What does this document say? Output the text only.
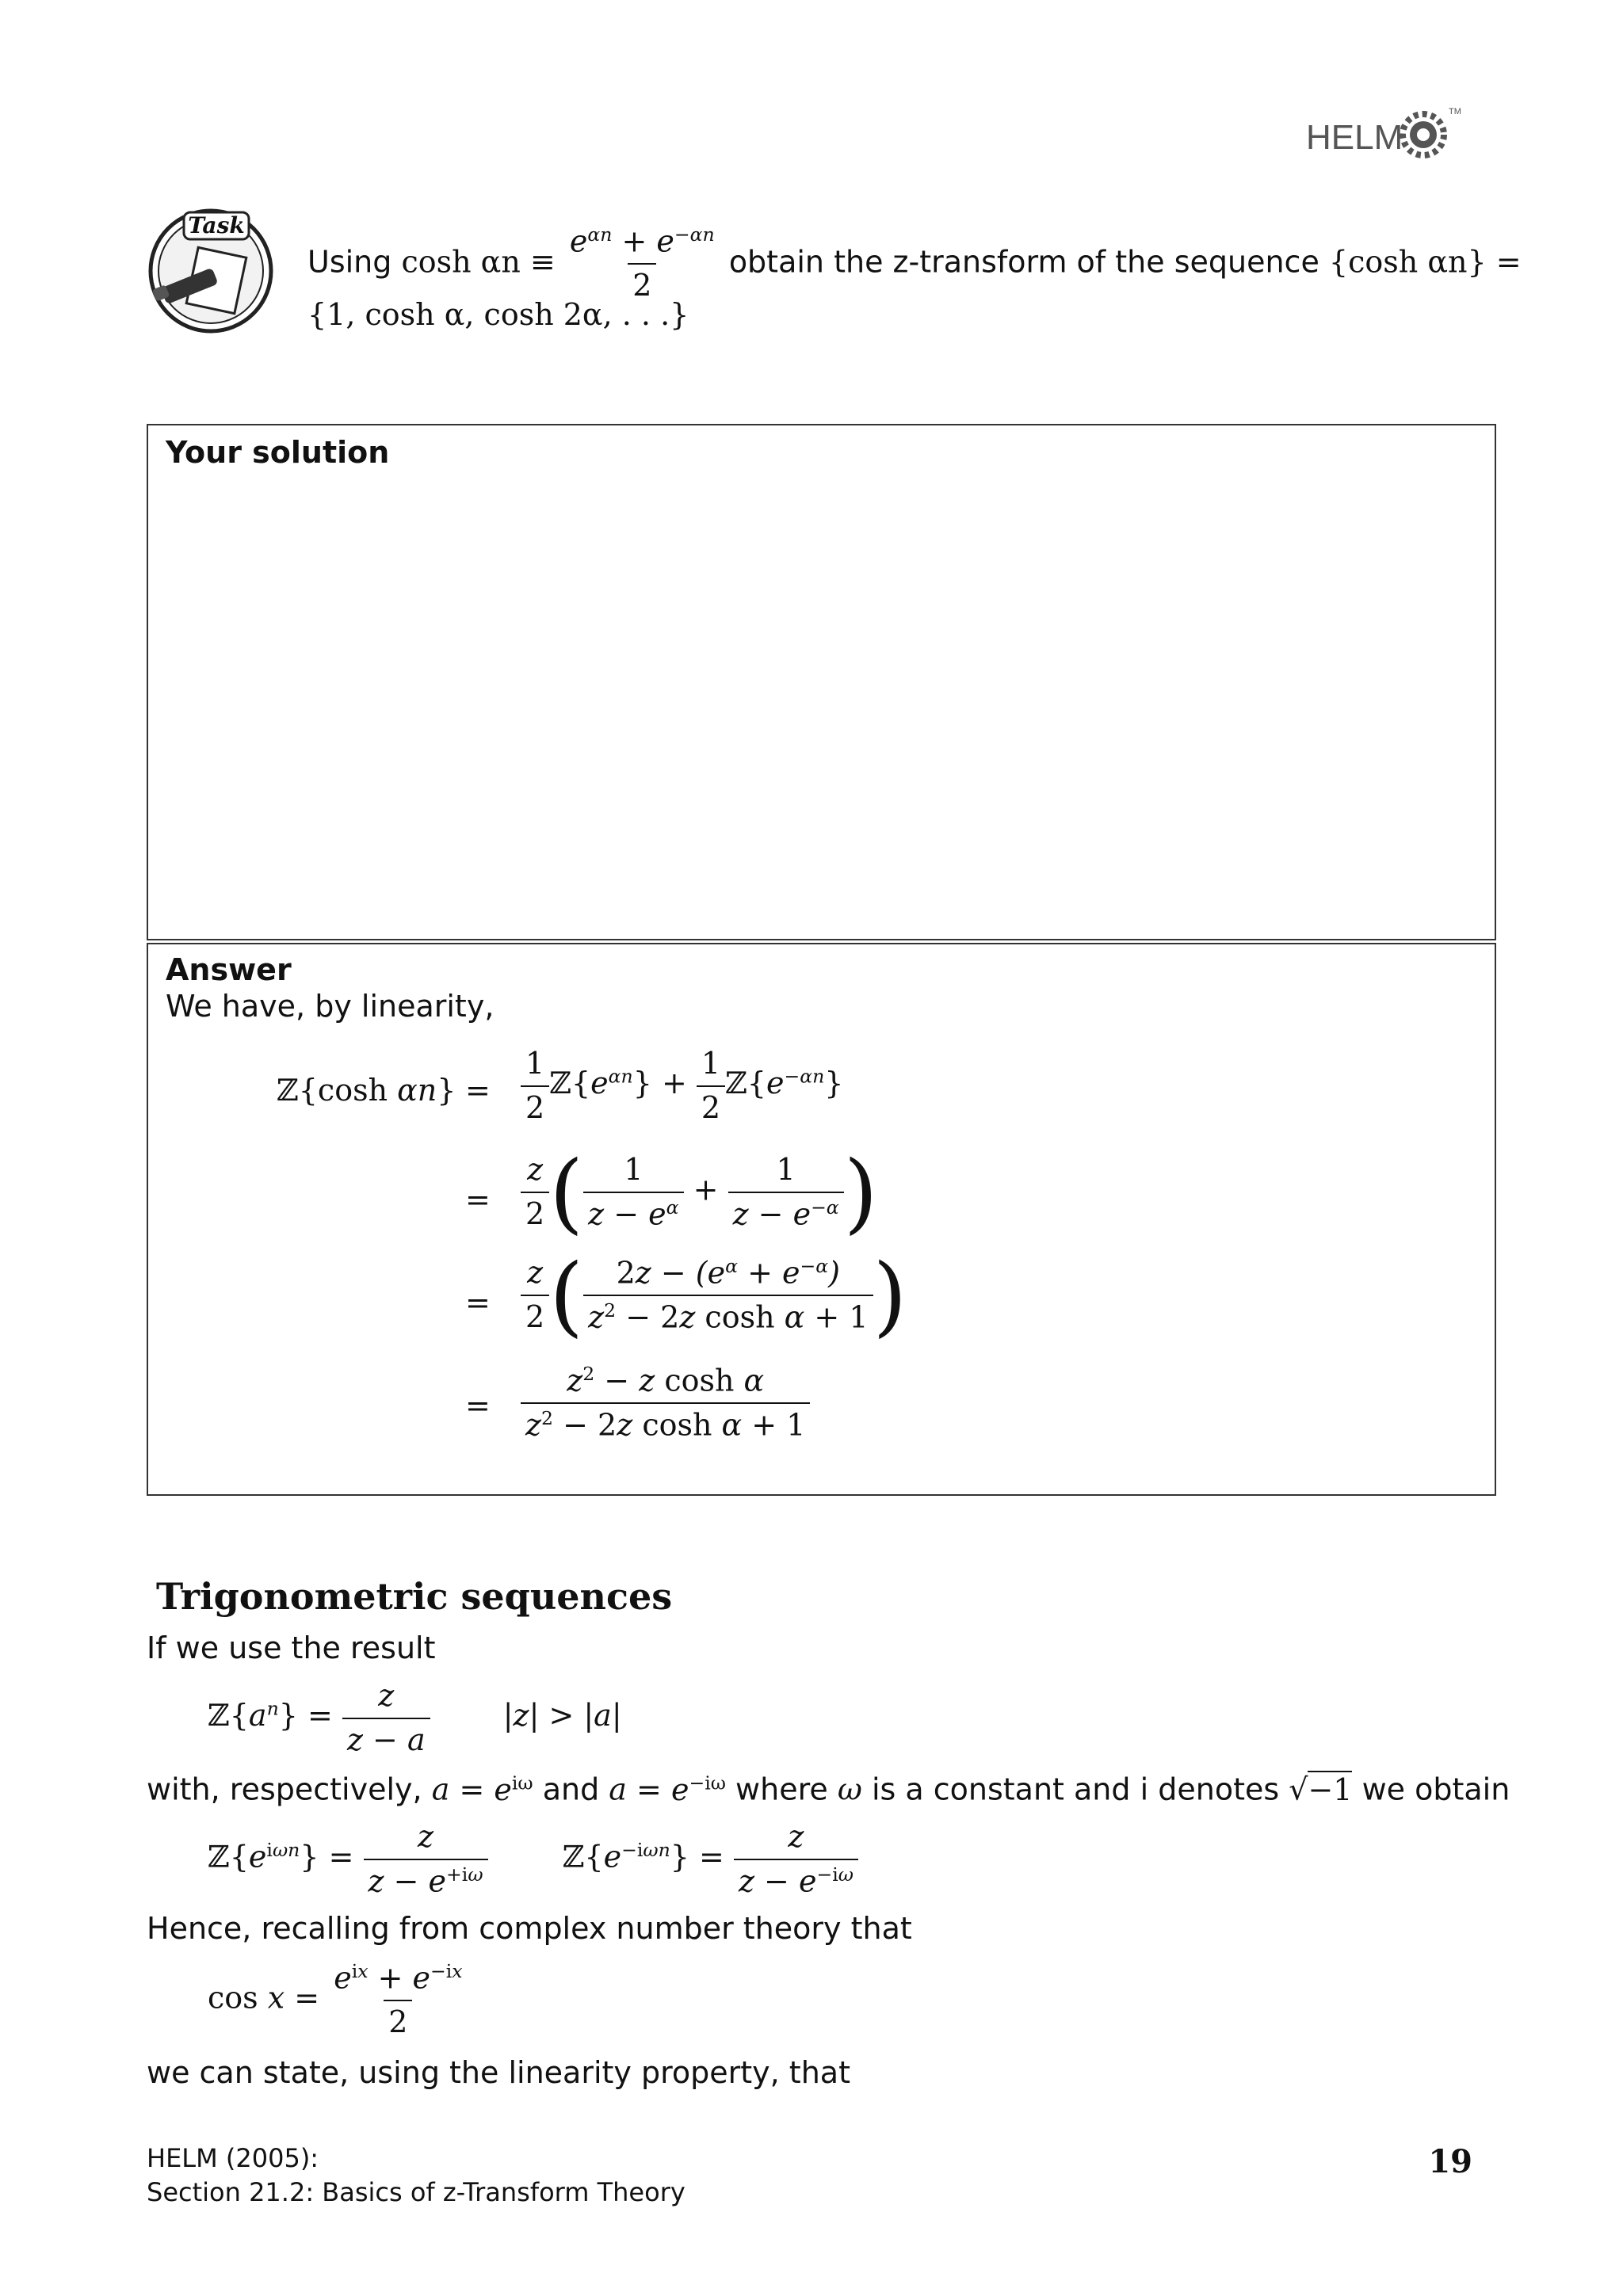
HELM
TM
Task
Using $\cosh \alpha n \equiv \frac{e^{\alpha n} + e^{-\alpha n}}{2}$ obtain the z-transform of the sequence {cosh αn} =
{1, cosh α, cosh 2α, . . .}
Your solution
Answer
We have, by linearity,
ℤ{cosh $\alpha n\} = \frac{1}{2}$ $ℤ\{e^{\alpha n}\} + \frac{1}{2}$ $ℤ\{e^{-\alpha n}\}$
= $\frac{z}{2}$ ( $\frac{1}{z - e^\alpha} + \frac{1}{z - e^{-\alpha}}$ )
= $\frac{z}{2}$ ( $\frac{2z - (e^\alpha + e^{-\alpha})}{z^2 - 2z \cosh \alpha + 1}$ )
= $\frac{z^2 - z \cosh \alpha}{z^2 - 2z \cosh \alpha + 1}$
Trigonometric sequences
If we use the result
$ℤ\{a^n\} = \frac{z}{z - a} |z| > |a|$
with, respectively, $a = e^{i\omega}$ and $a = e^{-i\omega}$ where ω is a constant and i denotes √−1 we obtain
$ℤ\{e^{i\omega n}\} = \frac{z}{z - e^{+i\omega}}$ $ℤ\{e^{-i\omega n}\} = \frac{z}{z - e^{-i\omega}}$
Hence, recalling from complex number theory that
$\cos x = \frac{e^{ix} + e^{-ix}}{2}$
we can state, using the linearity property, that
HELM (2005):
Section 21.2: Basics of z-Transform Theory
19
